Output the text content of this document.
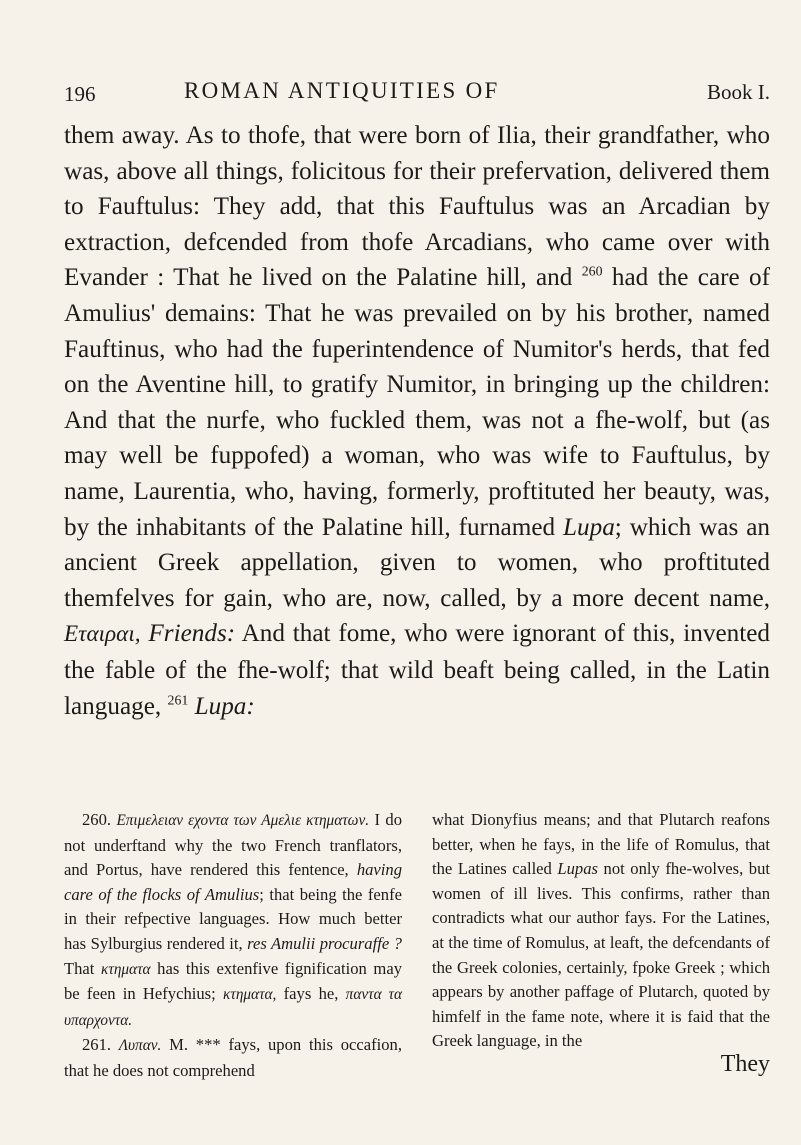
196	ROMAN ANTIQUITIES OF	Book I.

them away. As to thofe, that were born of Ilia, their grandfather, who was, above all things, folicitous for their prefervation, delivered them to Fauftulus: They add, that this Fauftulus was an Arcadian by extraction, defcended from thofe Arcadians, who came over with Evander : That he lived on the Palatine hill, and $^{260}$ had the care of Amulius' demains: That he was prevailed on by his brother, named Fauftinus, who had the fuperintendence of Numitor's herds, that fed on the Aventine hill, to gratify Numitor, in bringing up the children: And that the nurfe, who fuckled them, was not a fhe-wolf, but (as may well be fuppofed) a woman, who was wife to Fauftulus, by name, Laurentia, who, having, formerly, proftituted her beauty, was, by the inhabitants of the Palatine hill, furnamed Lupa; which was an ancient Greek appellation, given to women, who proftituted themfelves for gain, who are, now, called, by a more decent name, Εταιραι, Friends: And that fome, who were ignorant of this, invented the fable of the fhe-wolf; that wild beaft being called, in the Latin language, $^{261}$ Lupa:

260. Επιμελειαν εχοντα των Αμελιε κτηματων. I do not underftand why the two French tranflators, and Portus, have rendered this fentence, having care of the flocks of Amulius; that being the fenfe in their refpective languages. How much better has Sylburgius rendered it, res Amulii procuraffe ? That κτηματα has this extenfive fignification may be feen in Hefychius; κτηματα, fays he, παντα τα υπαρχοντα.

261. Λυπαν. M. *** fays, upon this occafion, that he does not comprehend

what Dionyfius means; and that Plutarch reafons better, when he fays, in the life of Romulus, that the Latines called Lupas not only fhe-wolves, but women of ill lives. This confirms, rather than contradicts what our author fays. For the Latines, at the time of Romulus, at leaft, the defcendants of the Greek colonies, certainly, fpoke Greek ; which appears by another paffage of Plutarch, quoted by himfelf in the fame note, where it is faid that the Greek language, in the
They
